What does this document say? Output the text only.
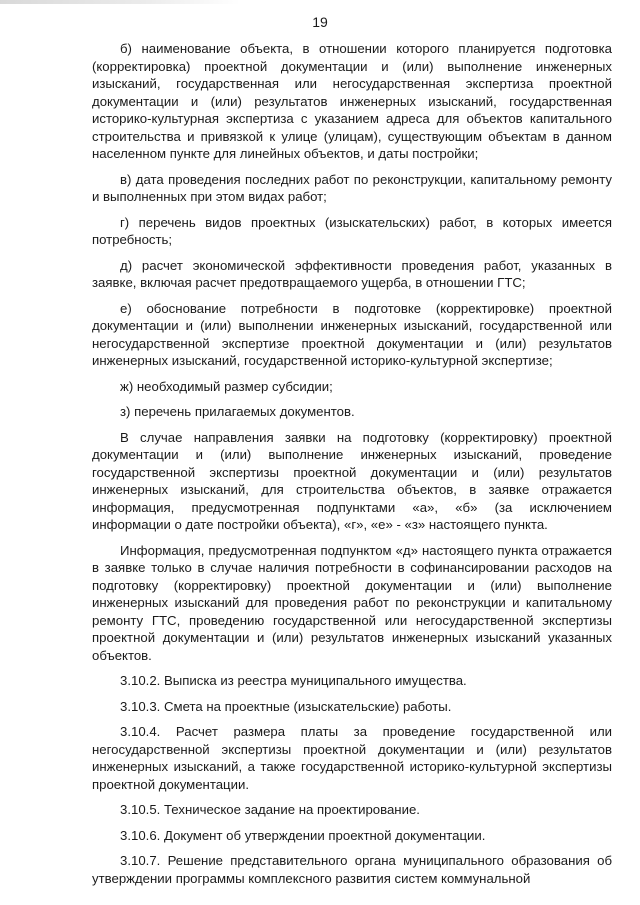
19

б) наименование объекта, в отношении которого планируется подготовка (корректировка) проектной документации и (или) выполнение инженерных изысканий, государственная или негосударственная экспертиза проектной документации и (или) результатов инженерных изысканий, государственная историко-культурная экспертиза с указанием адреса для объектов капитального строительства и привязкой к улице (улицам), существующим объектам в данном населенном пункте для линейных объектов, и даты постройки;

в) дата проведения последних работ по реконструкции, капитальному ремонту и выполненных при этом видах работ;

г) перечень видов проектных (изыскательских) работ, в которых имеется потребность;

д) расчет экономической эффективности проведения работ, указанных в заявке, включая расчет предотвращаемого ущерба, в отношении ГТС;

е) обоснование потребности в подготовке (корректировке) проектной документации и (или) выполнении инженерных изысканий, государственной или негосударственной экспертизе проектной документации и (или) результатов инженерных изысканий, государственной историко-культурной экспертизе;

ж) необходимый размер субсидии;

з) перечень прилагаемых документов.

В случае направления заявки на подготовку (корректировку) проектной документации и (или) выполнение инженерных изысканий, проведение государственной экспертизы проектной документации и (или) результатов инженерных изысканий, для строительства объектов, в заявке отражается информация, предусмотренная подпунктами «а», «б» (за исключением информации о дате постройки объекта), «г», «е» - «з» настоящего пункта.

Информация, предусмотренная подпунктом «д» настоящего пункта отражается в заявке только в случае наличия потребности в софинансировании расходов на подготовку (корректировку) проектной документации и (или) выполнение инженерных изысканий для проведения работ по реконструкции и капитальному ремонту ГТС, проведению государственной или негосударственной экспертизы проектной документации и (или) результатов инженерных изысканий указанных объектов.

3.10.2. Выписка из реестра муниципального имущества.

3.10.3. Смета на проектные (изыскательские) работы.

3.10.4. Расчет размера платы за проведение государственной или негосударственной экспертизы проектной документации и (или) результатов инженерных изысканий, а также государственной историко-культурной экспертизы проектной документации.

3.10.5. Техническое задание на проектирование.

3.10.6. Документ об утверждении проектной документации.

3.10.7. Решение представительного органа муниципального образования об утверждении программы комплексного развития систем коммунальной
